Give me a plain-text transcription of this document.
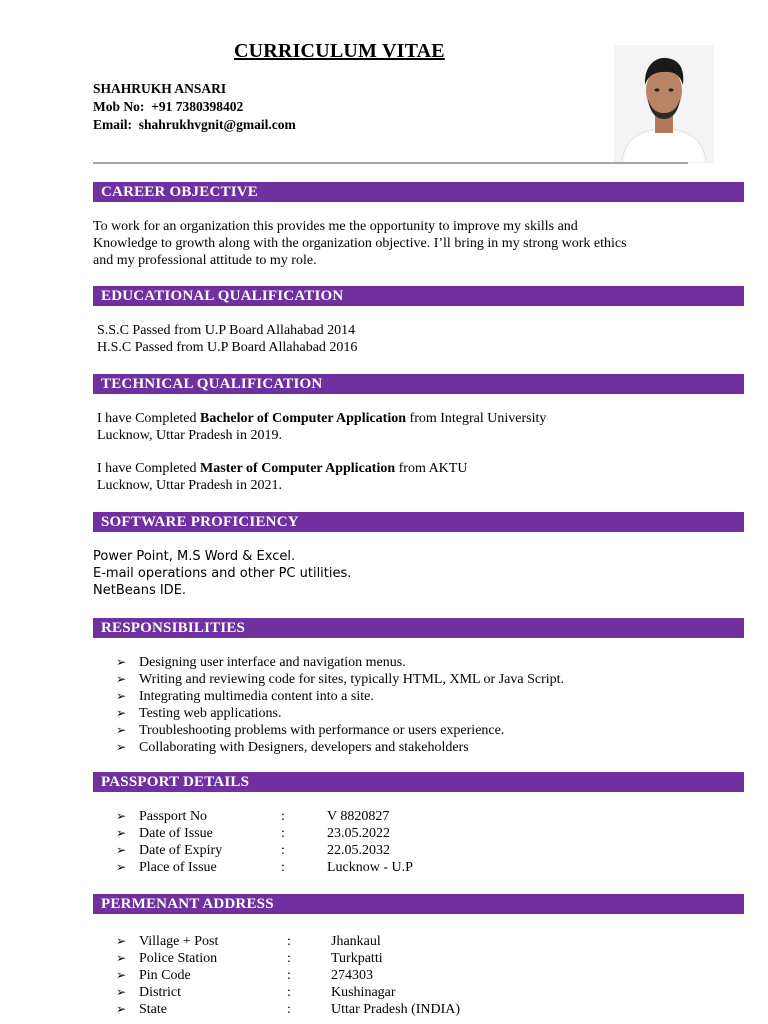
CURRICULUM VITAE
SHAHRUKH ANSARI
Mob No: +91 7380398402
Email: shahrukhvgnit@gmail.com
CAREER OBJECTIVE
To work for an organization this provides me the opportunity to improve my skills and
Knowledge to growth along with the organization objective. I’ll bring in my strong work ethics
and my professional attitude to my role.
EDUCATIONAL QUALIFICATION
S.S.C Passed from U.P Board Allahabad 2014
H.S.C Passed from U.P Board Allahabad 2016
TECHNICAL QUALIFICATION
I have Completed Bachelor of Computer Application from Integral University
Lucknow, Uttar Pradesh in 2019.
I have Completed Master of Computer Application from AKTU
Lucknow, Uttar Pradesh in 2021.
SOFTWARE PROFICIENCY
Power Point, M.S Word & Excel.
E-mail operations and other PC utilities.
NetBeans IDE.
RESPONSIBILITIES
➢ Designing user interface and navigation menus.
➢ Writing and reviewing code for sites, typically HTML, XML or Java Script.
➢ Integrating multimedia content into a site.
➢ Testing web applications.
➢ Troubleshooting problems with performance or users experience.
➢ Collaborating with Designers, developers and stakeholders
PASSPORT DETAILS
➢ Passport No	:	V 8820827
➢ Date of Issue	:	23.05.2022
➢ Date of Expiry	:	22.05.2032
➢ Place of Issue	:	Lucknow - U.P
PERMENANT ADDRESS
➢ Village + Post	:	Jhankaul
➢ Police Station	:	Turkpatti
➢ Pin Code	:	274303
➢ District	:	Kushinagar
➢ State	:	Uttar Pradesh (INDIA)
